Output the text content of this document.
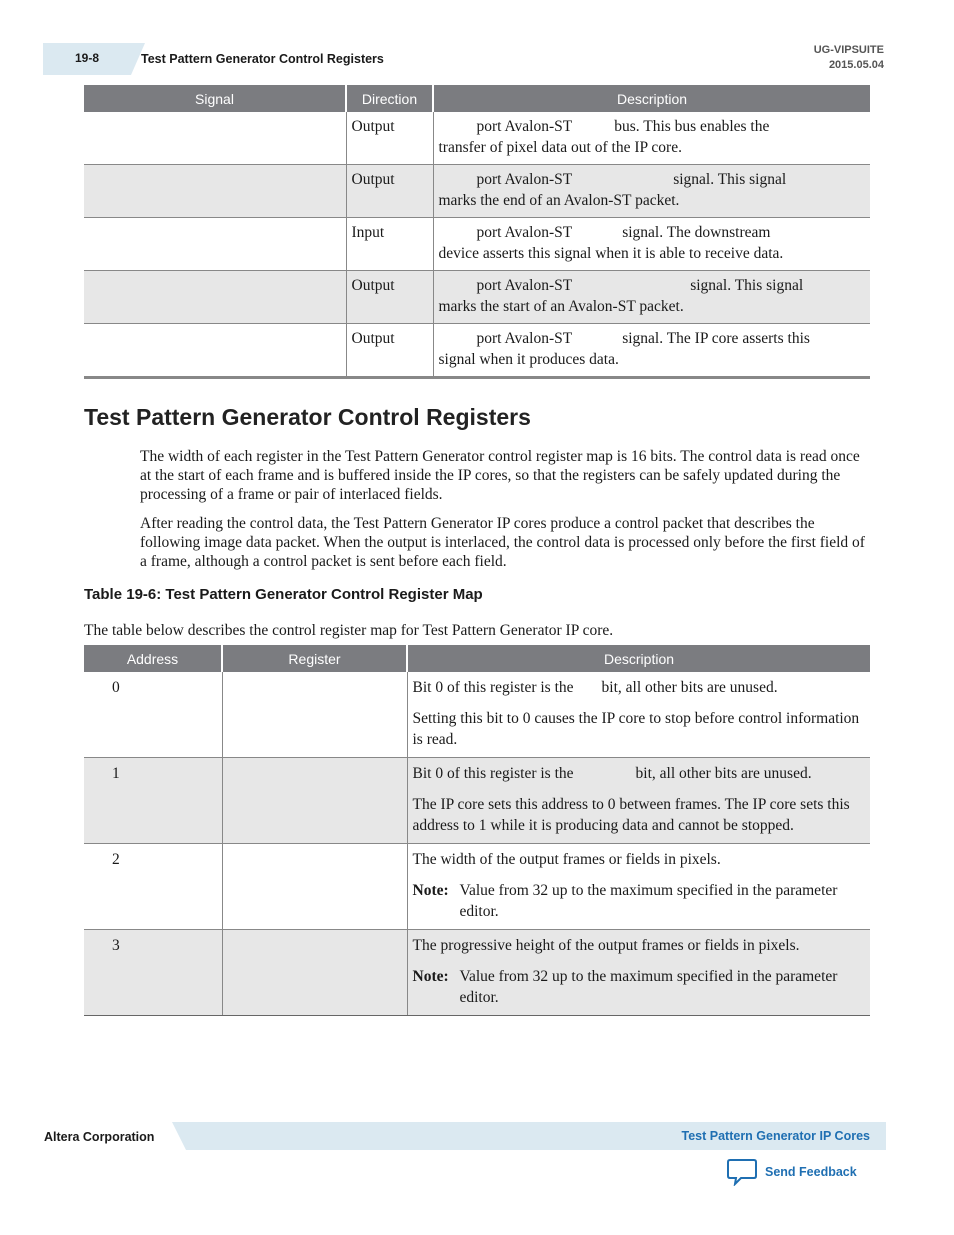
19-8	Test Pattern Generator Control Registers
UG-VIPSUITE
2015.05.04
Signal	Direction	Description
	Output	port Avalon-ST bus. This bus enables the
transfer of pixel data out of the IP core.
	Output	port Avalon-ST signal. This signal
marks the end of an Avalon-ST packet.
	Input	port Avalon-ST signal. The downstream
device asserts this signal when it is able to receive data.
	Output	port Avalon-ST signal. This signal
marks the start of an Avalon-ST packet.
	Output	port Avalon-ST signal. The IP core asserts this
signal when it produces data.
Test Pattern Generator Control Registers

The width of each register in the Test Pattern Generator control register map is 16 bits. The control data is read once at the start of each frame and is buffered inside the IP cores, so that the registers can be safely updated during the processing of a frame or pair of interlaced fields.

After reading the control data, the Test Pattern Generator IP cores produce a control packet that describes the following image data packet. When the output is interlaced, the control data is processed only before the first field of a frame, although a control packet is sent before each field.

Table 19-6: Test Pattern Generator Control Register Map
The table below describes the control register map for Test Pattern Generator IP core.
Address	Register	Description
0		Bit 0 of this register is the bit, all other bits are unused.

Setting this bit to 0 causes the IP core to stop before control information is read.

1		Bit 0 of this register is the bit, all other bits are unused.

The IP core sets this address to 0 between frames. The IP core sets this address to 1 while it is producing data and cannot be stopped.

2		The width of the output frames or fields in pixels.

Note: Value from 32 up to the maximum specified in the parameter editor.

3		The progressive height of the output frames or fields in pixels.

Note: Value from 32 up to the maximum specified in the parameter editor.
Altera Corporation	Test Pattern Generator IP Cores
Send Feedback
